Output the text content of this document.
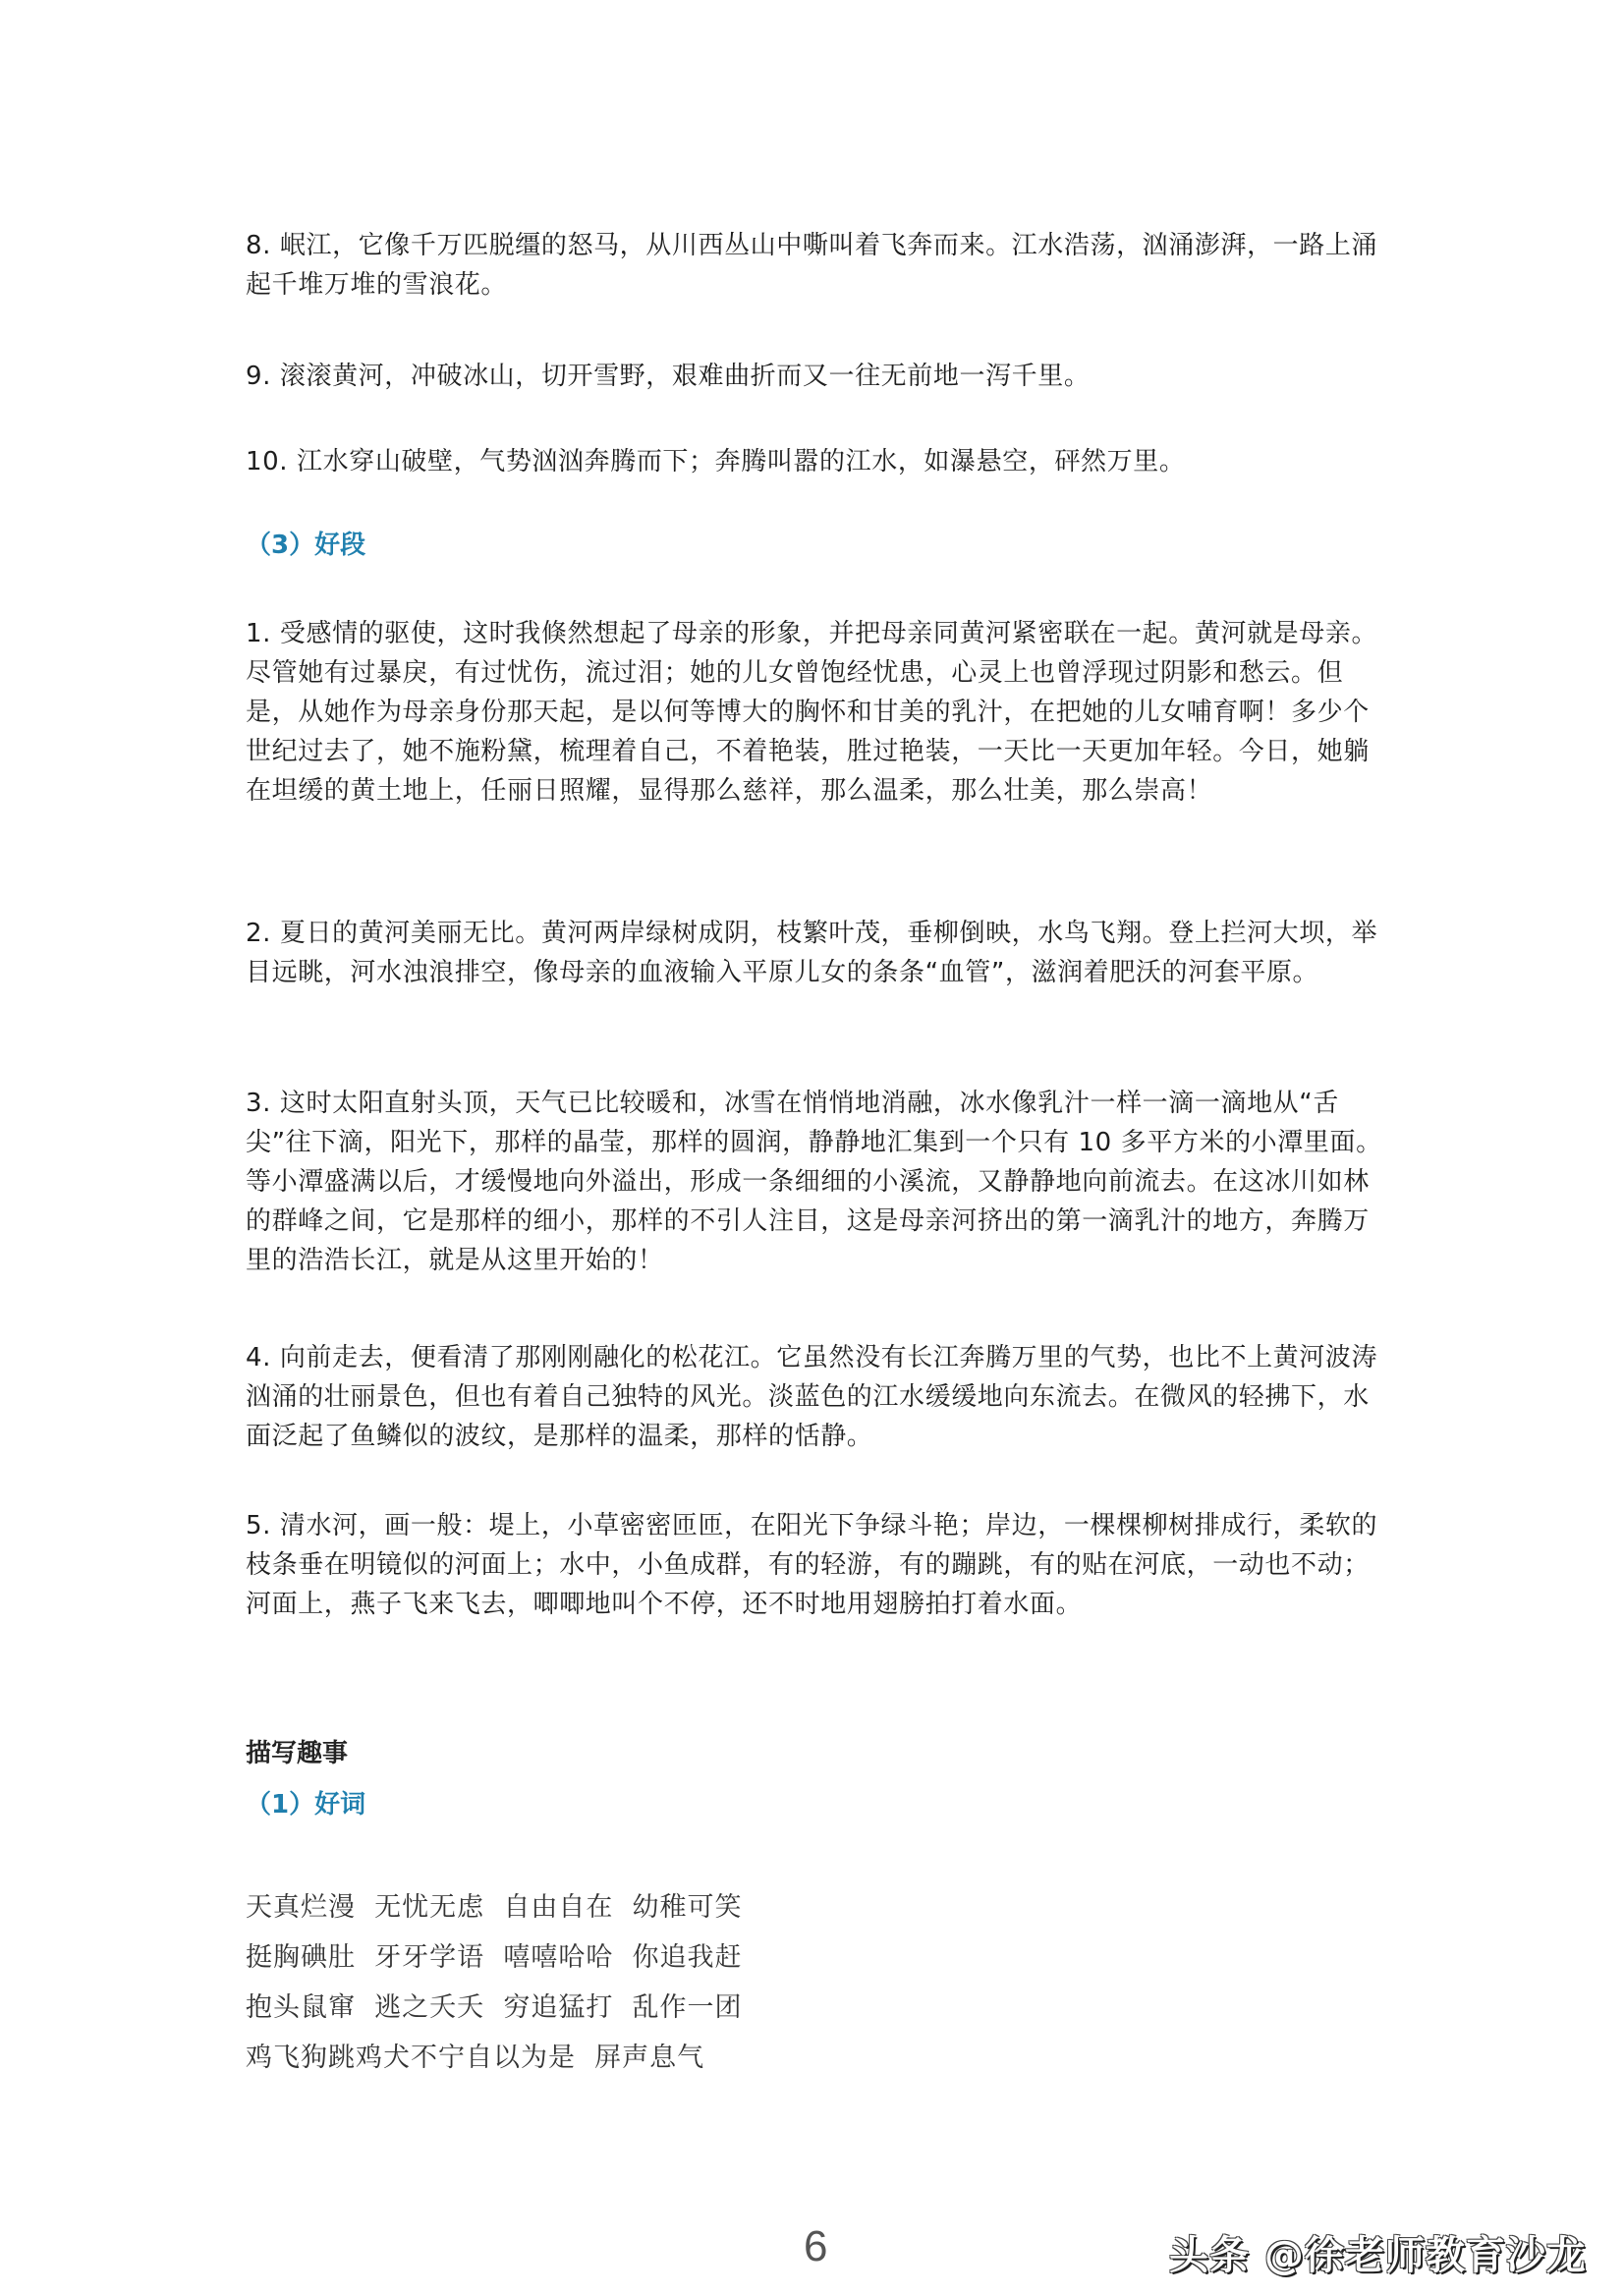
8. 岷江，它像千万匹脱缰的怒马，从川西丛山中嘶叫着飞奔而来。江水浩荡，汹涌澎湃，一路上涌起千堆万堆的雪浪花。

9. 滚滚黄河，冲破冰山，切开雪野，艰难曲折而又一往无前地一泻千里。

10. 江水穿山破壁，气势汹汹奔腾而下；奔腾叫嚣的江水，如瀑悬空，砰然万里。

（3）好段

1. 受感情的驱使，这时我倏然想起了母亲的形象，并把母亲同黄河紧密联在一起。黄河就是母亲。尽管她有过暴戾，有过忧伤，流过泪；她的儿女曾饱经忧患，心灵上也曾浮现过阴影和愁云。但是，从她作为母亲身份那天起，是以何等博大的胸怀和甘美的乳汁，在把她的儿女哺育啊！多少个世纪过去了，她不施粉黛，梳理着自己，不着艳装，胜过艳装，一天比一天更加年轻。今日，她躺在坦缓的黄土地上，任丽日照耀，显得那么慈祥，那么温柔，那么壮美，那么崇高！

2. 夏日的黄河美丽无比。黄河两岸绿树成阴，枝繁叶茂，垂柳倒映，水鸟飞翔。登上拦河大坝，举目远眺，河水浊浪排空，像母亲的血液输入平原儿女的条条“血管”，滋润着肥沃的河套平原。

3. 这时太阳直射头顶，天气已比较暖和，冰雪在悄悄地消融，冰水像乳汁一样一滴一滴地从“舌尖”往下滴，阳光下，那样的晶莹，那样的圆润，静静地汇集到一个只有 10 多平方米的小潭里面。等小潭盛满以后，才缓慢地向外溢出，形成一条细细的小溪流，又静静地向前流去。在这冰川如林的群峰之间，它是那样的细小，那样的不引人注目，这是母亲河挤出的第一滴乳汁的地方，奔腾万里的浩浩长江，就是从这里开始的！

4. 向前走去，便看清了那刚刚融化的松花江。它虽然没有长江奔腾万里的气势，也比不上黄河波涛汹涌的壮丽景色，但也有着自己独特的风光。淡蓝色的江水缓缓地向东流去。在微风的轻拂下，水面泛起了鱼鳞似的波纹，是那样的温柔，那样的恬静。

5. 清水河，画一般：堤上，小草密密匝匝，在阳光下争绿斗艳；岸边，一棵棵柳树排成行，柔软的枝条垂在明镜似的河面上；水中，小鱼成群，有的轻游，有的蹦跳，有的贴在河底，一动也不动；河面上，燕子飞来飞去，唧唧地叫个不停，还不时地用翅膀拍打着水面。

描写趣事
（1）好词
天真烂漫  无忧无虑  自由自在  幼稚可笑
挺胸碘肚  牙牙学语  嘻嘻哈哈  你追我赶
抱头鼠窜  逃之夭夭  穷追猛打  乱作一团
鸡飞狗跳鸡犬不宁自以为是  屏声息气
6	头条 @徐老师教育沙龙
